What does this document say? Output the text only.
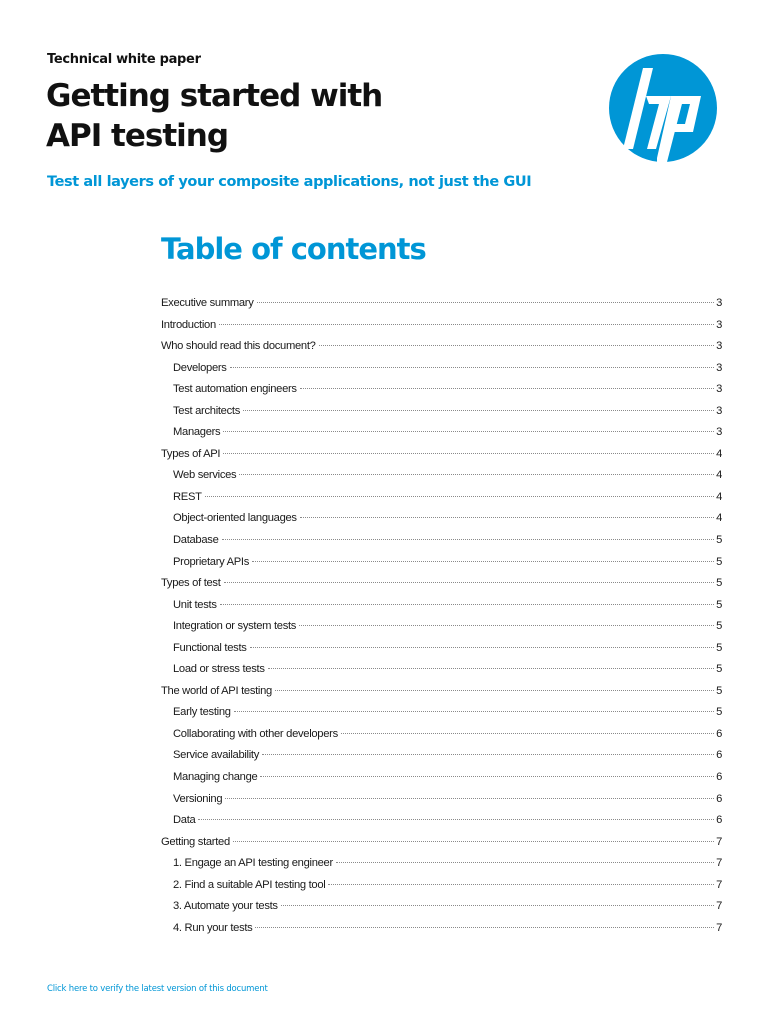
Technical white paper
Getting started with
API testing
Test all layers of your composite applications, not just the GUI
Table of contents
Executive summary	3
Introduction	3
Who should read this document?	3
Developers	3
Test automation engineers	3
Test architects	3
Managers	3
Types of API	4
Web services	4
REST	4
Object-oriented languages	4
Database	5
Proprietary APIs	5
Types of test	5
Unit tests	5
Integration or system tests	5
Functional tests	5
Load or stress tests	5
The world of API testing	5
Early testing	5
Collaborating with other developers	6
Service availability	6
Managing change	6
Versioning	6
Data	6
Getting started	7
1. Engage an API testing engineer	7
2. Find a suitable API testing tool	7
3. Automate your tests	7
4. Run your tests	7
Click here to verify the latest version of this document
